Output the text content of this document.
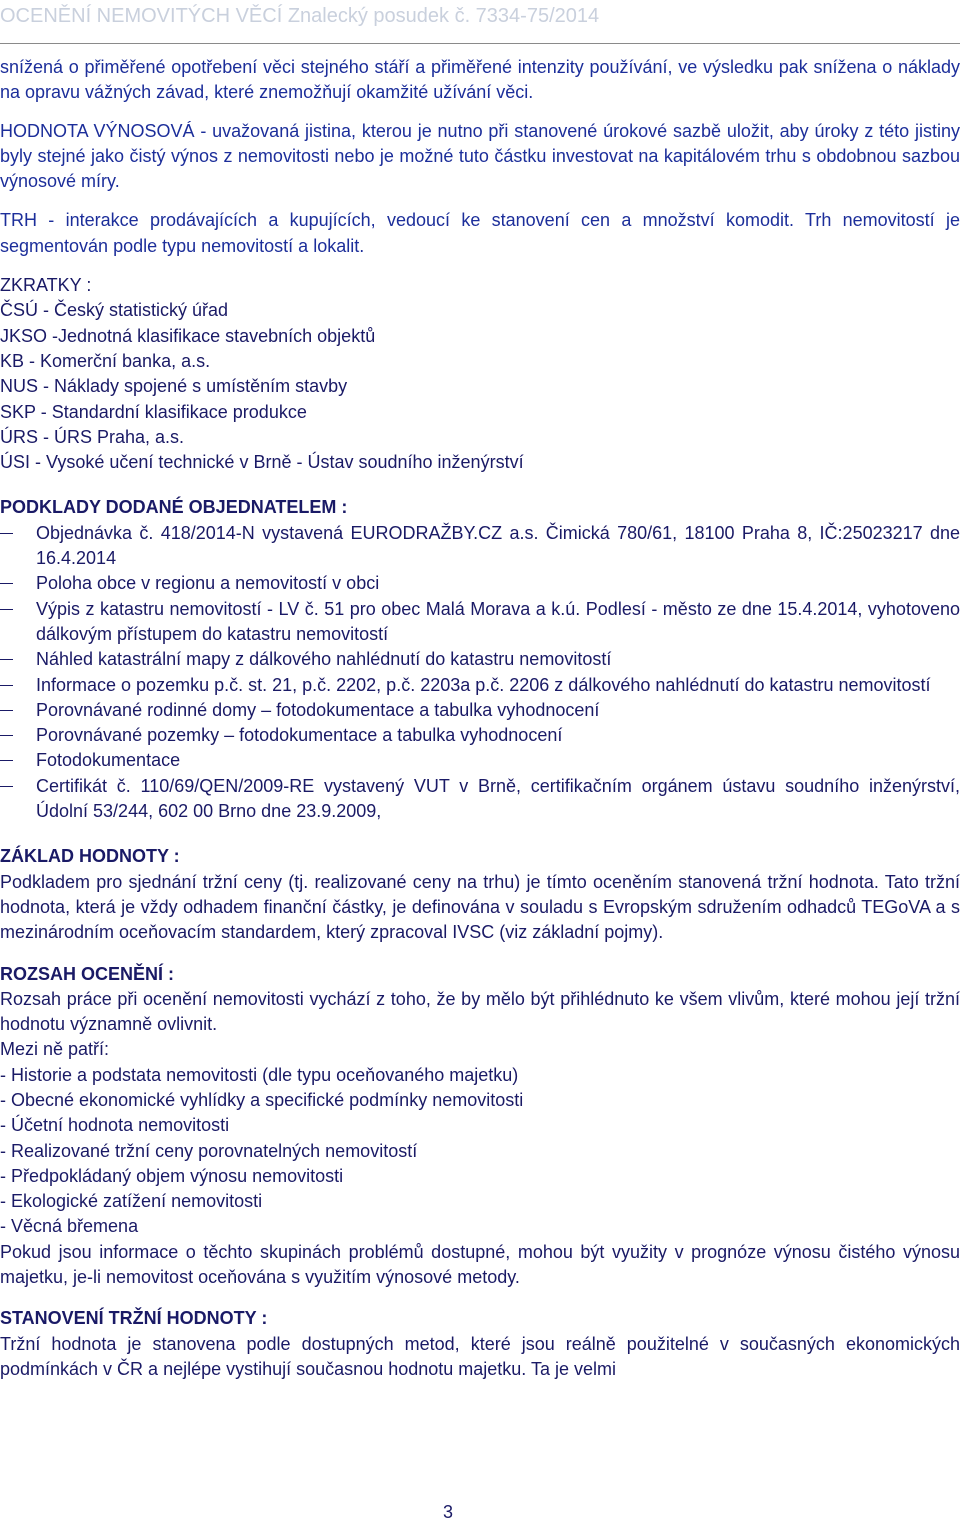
OCENĚNÍ NEMOVITÝCH VĚCÍ Znalecký posudek č. 7334-75/2014

snížená o přiměřené opotřebení věci stejného stáří a přiměřené intenzity používání, ve výsledku pak snížena o náklady na opravu vážných závad, které znemožňují okamžité užívání věci.

HODNOTA VÝNOSOVÁ - uvažovaná jistina, kterou je nutno při stanovené úrokové sazbě uložit, aby úroky z této jistiny byly stejné jako čistý výnos z nemovitosti nebo je možné tuto částku investovat na kapitálovém trhu s obdobnou sazbou výnosové míry.

TRH - interakce prodávajících a kupujících, vedoucí ke stanovení cen a množství komodit. Trh nemovitostí je segmentován podle typu nemovitostí a lokalit.

ZKRATKY :

ČSÚ - Český statistický úřad

JKSO -Jednotná klasifikace stavebních objektů

KB - Komerční banka, a.s.

NUS - Náklady spojené s umístěním stavby

SKP - Standardní klasifikace produkce

ÚRS - ÚRS Praha, a.s.

ÚSI - Vysoké učení technické v Brně - Ústav soudního inženýrství

PODKLADY DODANÉ OBJEDNATELEM :

Objednávka č. 418/2014-N vystavená EURODRAŽBY.CZ a.s. Čimická 780/61, 18100 Praha 8, IČ:25023217 dne 16.4.2014
Poloha obce v regionu a nemovitostí v obci
Výpis z katastru nemovitostí - LV č. 51 pro obec Malá Morava a k.ú. Podlesí - město ze dne 15.4.2014, vyhotoveno dálkovým přístupem do katastru nemovitostí
Náhled katastrální mapy z dálkového nahlédnutí do katastru nemovitostí
Informace o pozemku p.č. st. 21, p.č. 2202, p.č. 2203a p.č. 2206 z dálkového nahlédnutí do katastru nemovitostí
Porovnávané rodinné domy – fotodokumentace a tabulka vyhodnocení
Porovnávané pozemky – fotodokumentace a tabulka vyhodnocení
Fotodokumentace
Certifikát č. 110/69/QEN/2009-RE vystavený VUT v Brně, certifikačním orgánem ústavu soudního inženýrství, Údolní 53/244, 602 00 Brno dne 23.9.2009,

ZÁKLAD HODNOTY :

Podkladem pro sjednání tržní ceny (tj. realizované ceny na trhu) je tímto oceněním stanovená tržní hodnota. Tato tržní hodnota, která je vždy odhadem finanční částky, je definována v souladu s Evropským sdružením odhadců TEGoVA a s mezinárodním oceňovacím standardem, který zpracoval IVSC (viz základní pojmy).

ROZSAH OCENĚNÍ :

Rozsah práce při ocenění nemovitosti vychází z toho, že by mělo být přihlédnuto ke všem vlivům, které mohou její tržní hodnotu významně ovlivnit.

Mezi ně patří:

- Historie a podstata nemovitosti (dle typu oceňovaného majetku)

- Obecné ekonomické vyhlídky a specifické podmínky nemovitosti

- Účetní hodnota nemovitosti

- Realizované tržní ceny porovnatelných nemovitostí

- Předpokládaný objem výnosu nemovitosti

- Ekologické zatížení nemovitosti

- Věcná břemena

Pokud jsou informace o těchto skupinách problémů dostupné, mohou být využity v prognóze výnosu čistého výnosu majetku, je-li nemovitost oceňována s využitím výnosové metody.

STANOVENÍ TRŽNÍ HODNOTY :

Tržní hodnota je stanovena podle dostupných metod, které jsou reálně použitelné v současných ekonomických podmínkách v ČR a nejlépe vystihují současnou hodnotu majetku. Ta je velmi

3
